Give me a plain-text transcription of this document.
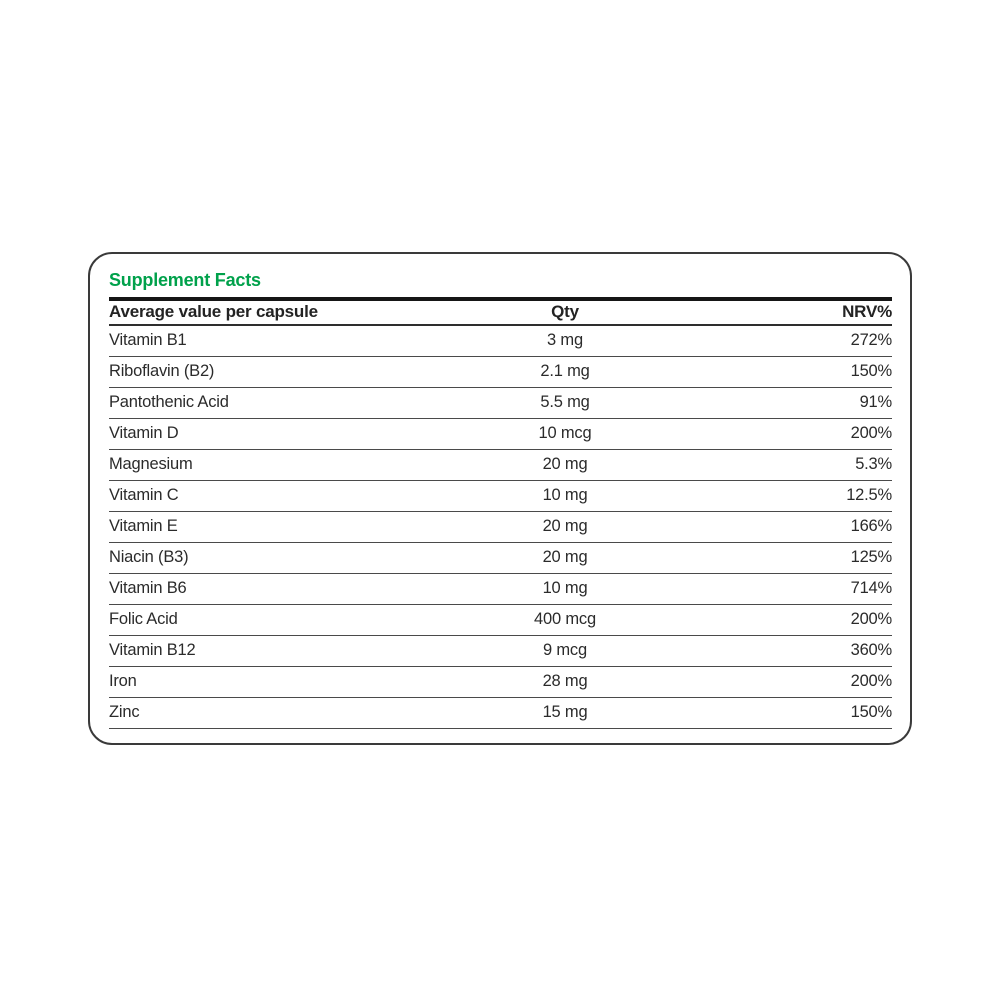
Supplement Facts
Average value per capsule	Qty	NRV%
Vitamin B1	3 mg	272%
Riboflavin (B2)	2.1 mg	150%
Pantothenic Acid	5.5 mg	91%
Vitamin D	10 mcg	200%
Magnesium	20 mg	5.3%
Vitamin C	10 mg	12.5%
Vitamin E	20 mg	166%
Niacin (B3)	20 mg	125%
Vitamin B6	10 mg	714%
Folic Acid	400 mcg	200%
Vitamin B12	9 mcg	360%
Iron	28 mg	200%
Zinc	15 mg	150%
